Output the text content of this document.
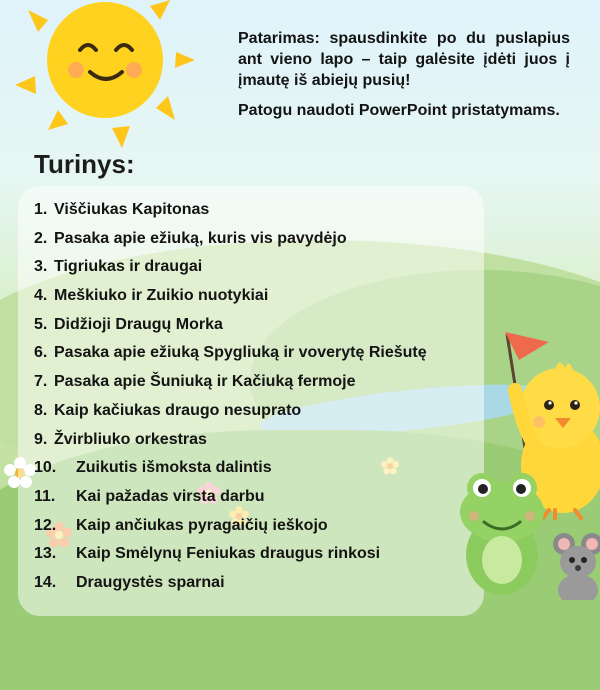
Patarimas: spausdinkite po du puslapius ant vieno lapo – taip galėsite įdėti juos į įmautę iš abiejų pusių!

Patogu naudoti PowerPoint pristatymams.

Turinys:
1. Viščiukas Kapitonas
2. Pasaka apie ežiuką, kuris vis pavydėjo
3. Tigriukas ir draugai
4. Meškiuko ir Zuikio nuotykiai
5. Didžioji Draugų Morka
6. Pasaka apie ežiuką Spygliuką ir voverytę Riešutę
7. Pasaka apie Šuniuką ir Kačiuką fermoje
8. Kaip kačiukas draugo nesuprato
9. Žvirbliuko orkestras
10.	Zuikutis išmoksta dalintis
11.	Kai pažadas virsta darbu
12.	Kaip ančiukas pyragaičių ieškojo
13.	Kaip Smėlynų Feniukas draugus rinkosi
14.	Draugystės sparnai
